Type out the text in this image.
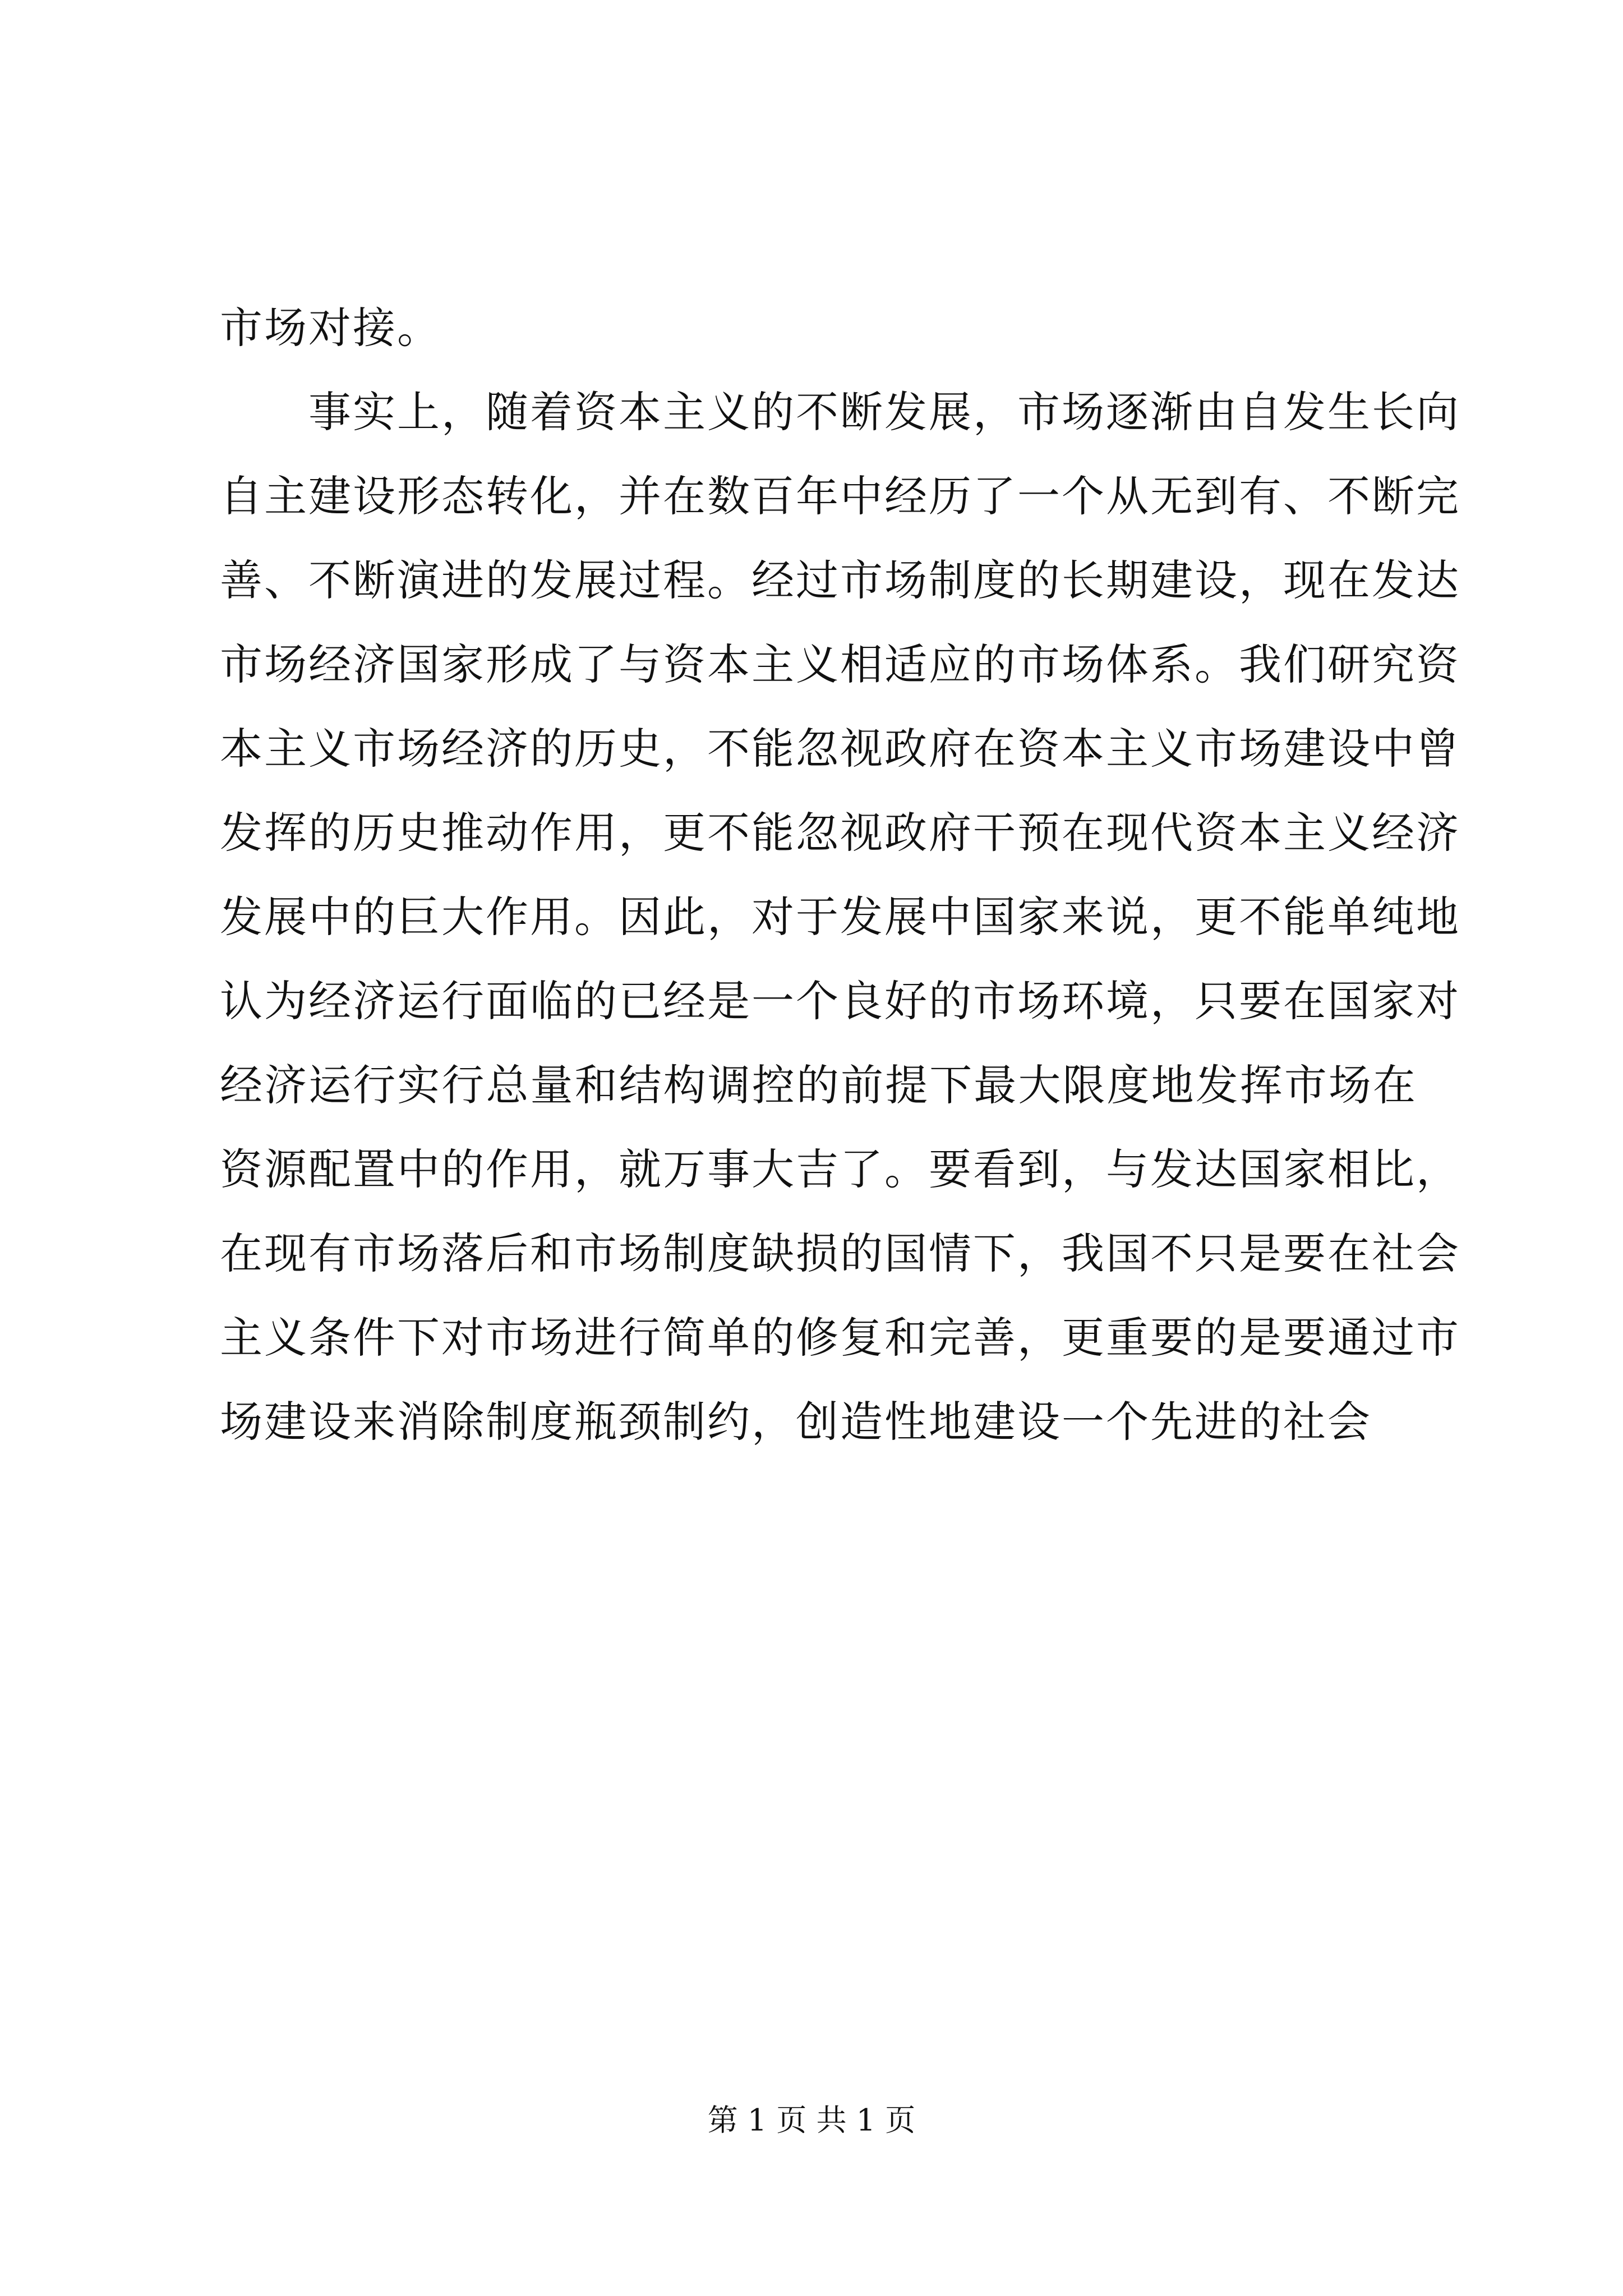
市场对接。
　　事实上，随着资本主义的不断发展，市场逐渐由自发生长向
自主建设形态转化，并在数百年中经历了一个从无到有、不断完
善、不断演进的发展过程。经过市场制度的长期建设，现在发达
市场经济国家形成了与资本主义相适应的市场体系。我们研究资
本主义市场经济的历史，不能忽视政府在资本主义市场建设中曾
发挥的历史推动作用，更不能忽视政府干预在现代资本主义经济
发展中的巨大作用。因此，对于发展中国家来说，更不能单纯地
认为经济运行面临的已经是一个良好的市场环境，只要在国家对
经济运行实行总量和结构调控的前提下最大限度地发挥市场在
资源配置中的作用，就万事大吉了。要看到，与发达国家相比，
在现有市场落后和市场制度缺损的国情下，我国不只是要在社会
主义条件下对市场进行简单的修复和完善，更重要的是要通过市
场建设来消除制度瓶颈制约，创造性地建设一个先进的社会
第 1 页 共 1 页
